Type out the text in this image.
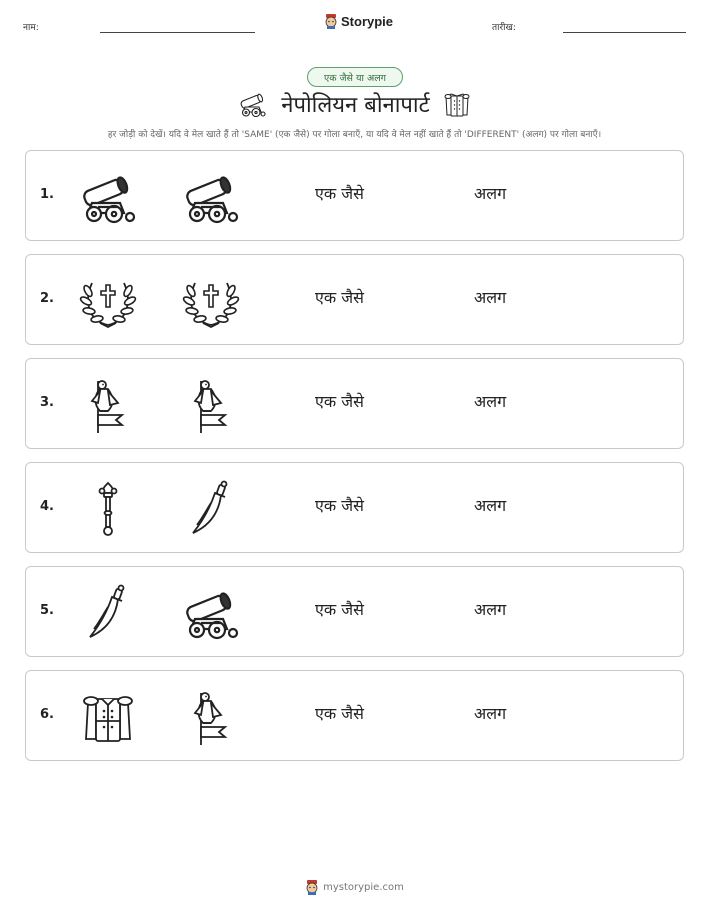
नाम:	Storypie	तारीख:
एक जैसे या अलग
नेपोलियन बोनापार्ट
हर जोड़ी को देखें। यदि वे मेल खाते हैं तो 'SAME' (एक जैसे) पर गोला बनाएँ, या यदि वे मेल नहीं खाते हैं तो 'DIFFERENT' (अलग) पर गोला बनाएँ।
1.	एक जैसे	अलग
2.	एक जैसे	अलग
3.	एक जैसे	अलग
4.	एक जैसे	अलग
5.	एक जैसे	अलग
6.	एक जैसे	अलग
mystorypie.com
